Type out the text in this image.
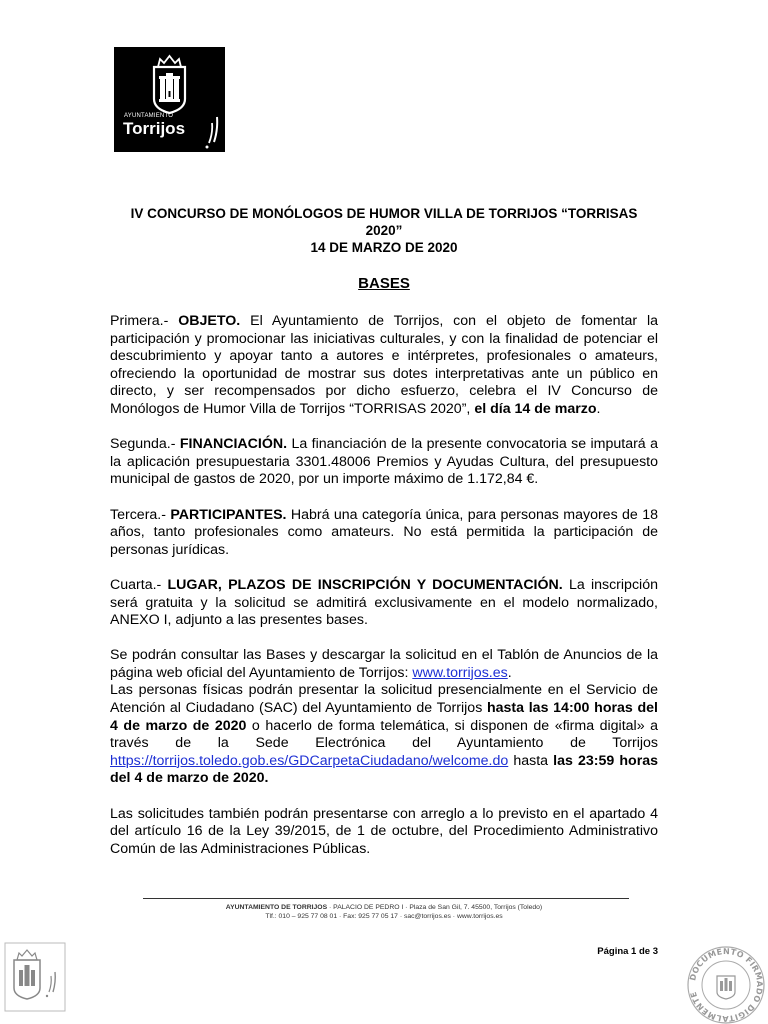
AYUNTAMIENTO
Torrijos
IV CONCURSO DE MONÓLOGOS DE HUMOR VILLA DE TORRIJOS “TORRISAS
2020”
14 DE MARZO DE 2020
BASES

Primera.- OBJETO. El Ayuntamiento de Torrijos, con el objeto de fomentar la participación y promocionar las iniciativas culturales, y con la finalidad de potenciar el descubrimiento y apoyar tanto a autores e intérpretes, profesionales o amateurs, ofreciendo la oportunidad de mostrar sus dotes interpretativas ante un público en directo, y ser recompensados por dicho esfuerzo, celebra el IV Concurso de Monólogos de Humor Villa de Torrijos “TORRISAS 2020”, el día 14 de marzo.

Segunda.- FINANCIACIÓN. La financiación de la presente convocatoria se imputará a la aplicación presupuestaria 3301.48006 Premios y Ayudas Cultura, del presupuesto municipal de gastos de 2020, por un importe máximo de 1.172,84 €.

Tercera.- PARTICIPANTES. Habrá una categoría única, para personas mayores de 18 años, tanto profesionales como amateurs. No está permitida la participación de personas jurídicas.

Cuarta.- LUGAR, PLAZOS DE INSCRIPCIÓN Y DOCUMENTACIÓN. La inscripción será gratuita y la solicitud se admitirá exclusivamente en el modelo normalizado, ANEXO I, adjunto a las presentes bases.

Se podrán consultar las Bases y descargar la solicitud en el Tablón de Anuncios de la página web oficial del Ayuntamiento de Torrijos: www.torrijos.es.

Las personas físicas podrán presentar la solicitud presencialmente en el Servicio de Atención al Ciudadano (SAC) del Ayuntamiento de Torrijos hasta las 14:00 horas del 4 de marzo de 2020 o hacerlo de forma telemática, si disponen de «firma digital» a través de la Sede Electrónica del Ayuntamiento de Torrijos https://torrijos.toledo.gob.es/GDCarpetaCiudadano/welcome.do hasta las 23:59 horas del 4 de marzo de 2020.

Las solicitudes también podrán presentarse con arreglo a lo previsto en el apartado 4 del artículo 16 de la Ley 39/2015, de 1 de octubre, del Procedimiento Administrativo Común de las Administraciones Públicas.

AYUNTAMIENTO DE TORRIJOS · PALACIO DE PEDRO I · Plaza de San Gil, 7. 45500, Torrijos (Toledo)
Tlf.: 010 – 925 77 08 01 · Fax: 925 77 05 17 · sac@torrijos.es · www.torrijos.es
Página 1 de 3
DOCUMENTO FIRMADO DIGITALMENTE
